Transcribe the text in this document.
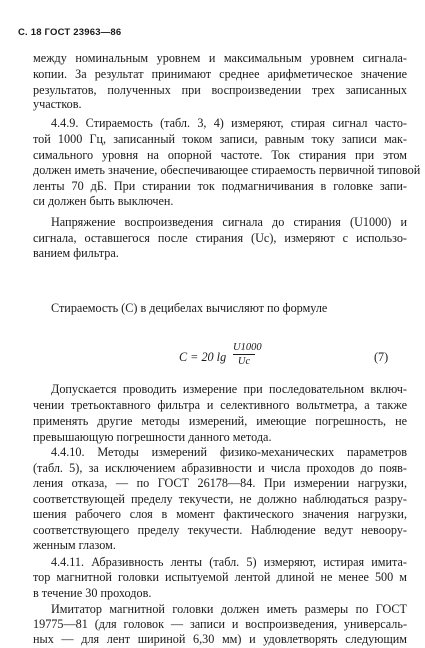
С. 18 ГОСТ 23963—86
между номинальным уровнем и максимальным уровнем сигнала-
копии. За результат принимают среднее арифметическое значение
результатов, полученных при воспроизведении трех записанных
участков.
4.4.9. Стираемость (табл. 3, 4) измеряют, стирая сигнал часто-
той 1000 Гц, записанный током записи, равным току записи мак-
симального уровня на опорной частоте. Ток стирания при этом
должен иметь значение, обеспечивающее стираемость первичной типовой
ленты 70 дБ. При стирании ток подмагничивания в головке запи-
си должен быть выключен.
Напряжение воспроизведения сигнала до стирания (U1000) и
сигнала, оставшегося после стирания (Uc), измеряют с использо-
C = 20 $\lg \frac{U1000}{Uc}$	(7)
ванием фильтра.
Стираемость (C) в децибелах вычисляют по формуле
Допускается проводить измерение при последовательном включ-
чении третьоктавного фильтра и селективного вольтметра, а также
применять другие методы измерений, имеющие погрешность, не
превышающую погрешности данного метода.
4.4.10. Методы измерений физико-механических параметров
(табл. 5), за исключением абразивности и числа проходов до появ-
ления отказа, — по ГОСТ 26178—84. При измерении нагрузки,
соответствующей пределу текучести, не должно наблюдаться разру-
шения рабочего слоя в момент фактического значения нагрузки,
соответствующего пределу текучести. Наблюдение ведут невоору-
женным глазом.
4.4.11. Абразивность ленты (табл. 5) измеряют, истирая имита-
тор магнитной головки испытуемой лентой длиной не менее 500 м
в течение 30 проходов.
Имитатор магнитной головки должен иметь размеры по ГОСТ
19775—81 (для головок — записи и воспроизведения, универсаль-
ных — для лент шириной 6,30 мм) и удовлетворять следующим
